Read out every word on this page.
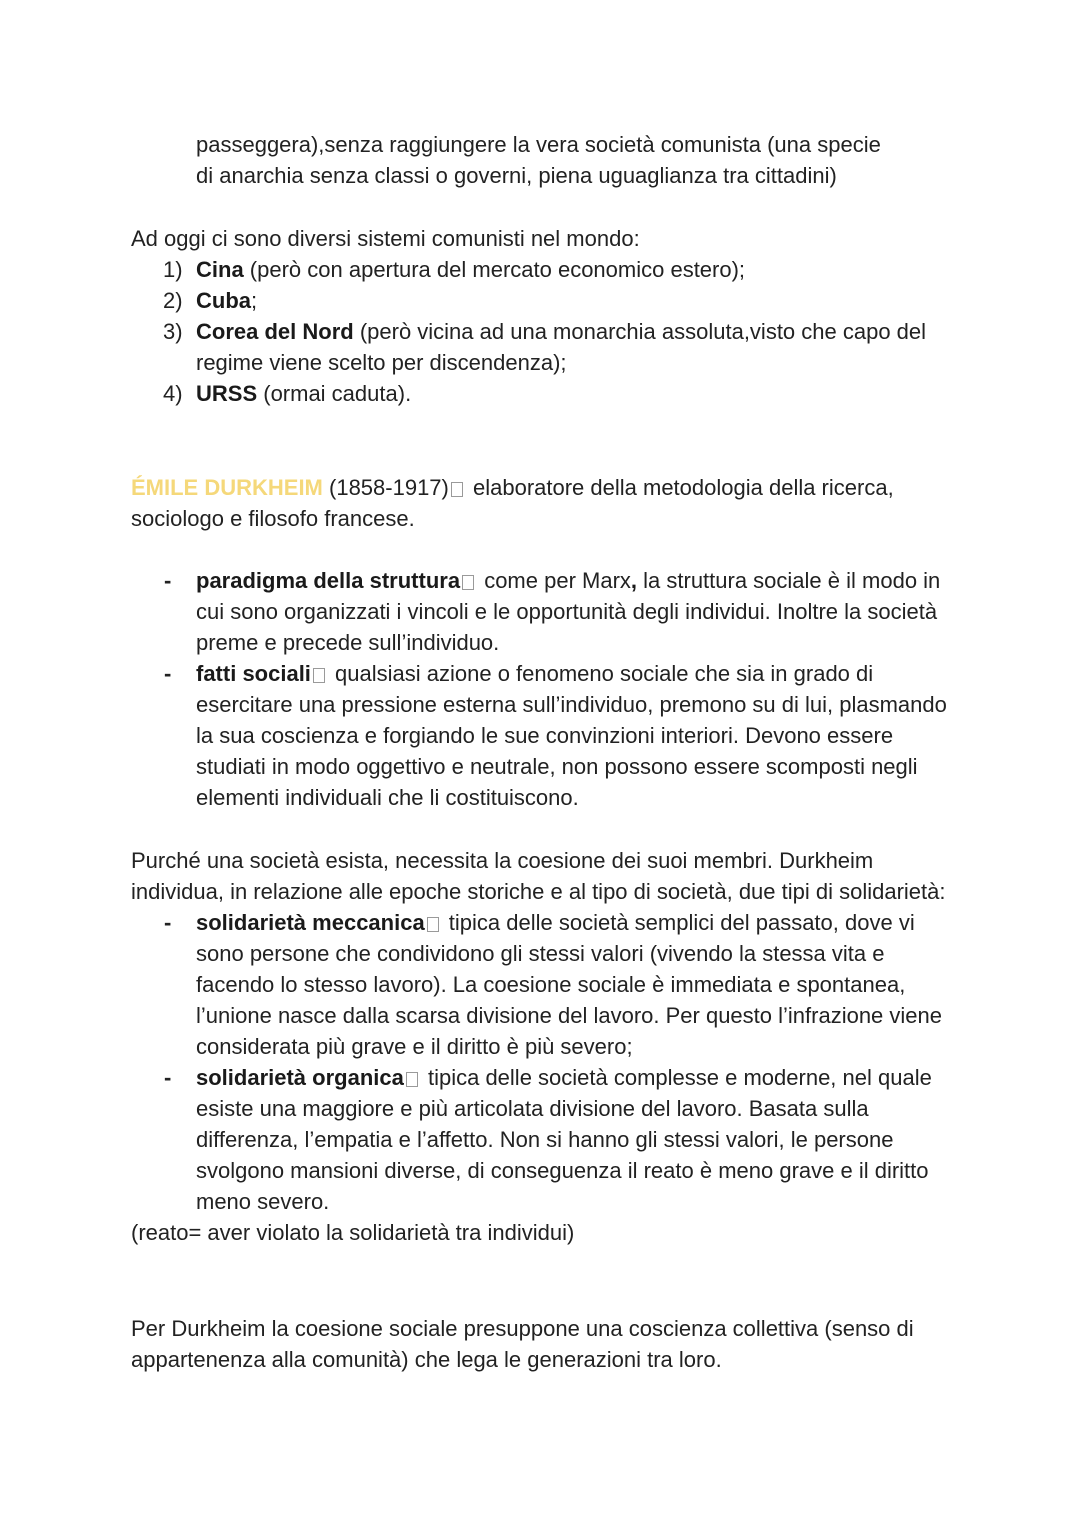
passeggera),senza raggiungere la vera società comunista (una specie

di anarchia senza classi o governi, piena uguaglianza tra cittadini)

Ad oggi ci sono diversi sistemi comunisti nel mondo:

1) Cina (però con apertura del mercato economico estero);
2) Cuba;
3) Corea del Nord (però vicina ad una monarchia assoluta,visto che capo del regime viene scelto per discendenza);
4) URSS (ormai caduta).

ÉMILE DURKHEIM (1858-1917) elaboratore della metodologia della ricerca, sociologo e filosofo francese.

- paradigma della struttura come per Marx, la struttura sociale è il modo in cui sono organizzati i vincoli e le opportunità degli individui. Inoltre la società preme e precede sull’individuo.
- fatti sociali qualsiasi azione o fenomeno sociale che sia in grado di esercitare una pressione esterna sull’individuo, premono su di lui, plasmando la sua coscienza e forgiando le sue convinzioni interiori. Devono essere studiati in modo oggettivo e neutrale, non possono essere scomposti negli elementi individuali che li costituiscono.

Purché una società esista, necessita la coesione dei suoi membri. Durkheim individua, in relazione alle epoche storiche e al tipo di società, due tipi di solidarietà:

- solidarietà meccanica tipica delle società semplici del passato, dove vi sono persone che condividono gli stessi valori (vivendo la stessa vita e facendo lo stesso lavoro). La coesione sociale è immediata e spontanea, l’unione nasce dalla scarsa divisione del lavoro. Per questo l’infrazione viene considerata più grave e il diritto è più severo;
- solidarietà organica tipica delle società complesse e moderne, nel quale esiste una maggiore e più articolata divisione del lavoro. Basata sulla differenza, l’empatia e l’affetto. Non si hanno gli stessi valori, le persone svolgono mansioni diverse, di conseguenza il reato è meno grave e il diritto meno severo.

(reato= aver violato la solidarietà tra individui)

Per Durkheim la coesione sociale presuppone una coscienza collettiva (senso di appartenenza alla comunità) che lega le generazioni tra loro.
